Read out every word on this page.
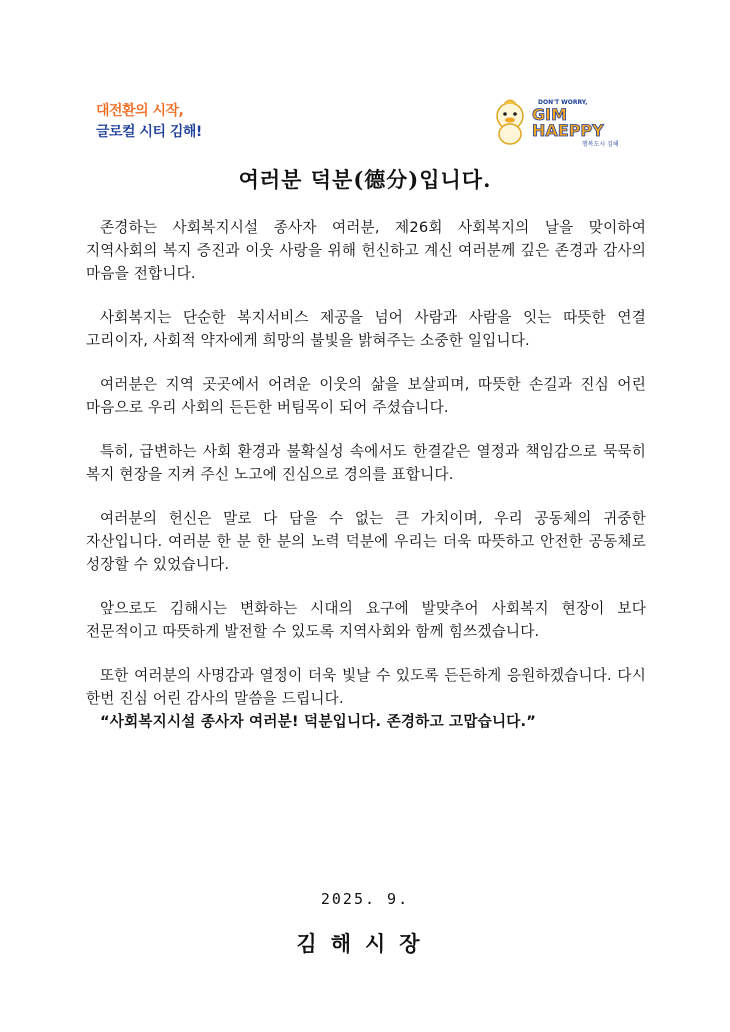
대전환의 시작,
글로컬 시티 김해!
DON'T WORRY,
GIM
HAEPPY
행복도시 김해
여러분 덕분(德分)입니다.

존경하는 사회복지시설 종사자 여러분, 제26회 사회복지의 날을 맞이하여 지역사회의 복지 증진과 이웃 사랑을 위해 헌신하고 계신 여러분께 깊은 존경과 감사의 마음을 전합니다.

사회복지는 단순한 복지서비스 제공을 넘어 사람과 사람을 잇는 따뜻한 연결 고리이자, 사회적 약자에게 희망의 불빛을 밝혀주는 소중한 일입니다.

여러분은 지역 곳곳에서 어려운 이웃의 삶을 보살피며, 따뜻한 손길과 진심 어린 마음으로 우리 사회의 든든한 버팀목이 되어 주셨습니다.

특히, 급변하는 사회 환경과 불확실성 속에서도 한결같은 열정과 책임감으로 묵묵히 복지 현장을 지켜 주신 노고에 진심으로 경의를 표합니다.

여러분의 헌신은 말로 다 담을 수 없는 큰 가치이며, 우리 공동체의 귀중한 자산입니다. 여러분 한 분 한 분의 노력 덕분에 우리는 더욱 따뜻하고 안전한 공동체로 성장할 수 있었습니다.

앞으로도 김해시는 변화하는 시대의 요구에 발맞추어 사회복지 현장이 보다 전문적이고 따뜻하게 발전할 수 있도록 지역사회와 함께 힘쓰겠습니다.

또한 여러분의 사명감과 열정이 더욱 빛날 수 있도록 든든하게 응원하겠습니다. 다시 한번 진심 어린 감사의 말씀을 드립니다.

“사회복지시설 종사자 여러분! 덕분입니다. 존경하고 고맙습니다.”
2025. 9.
김해시장
